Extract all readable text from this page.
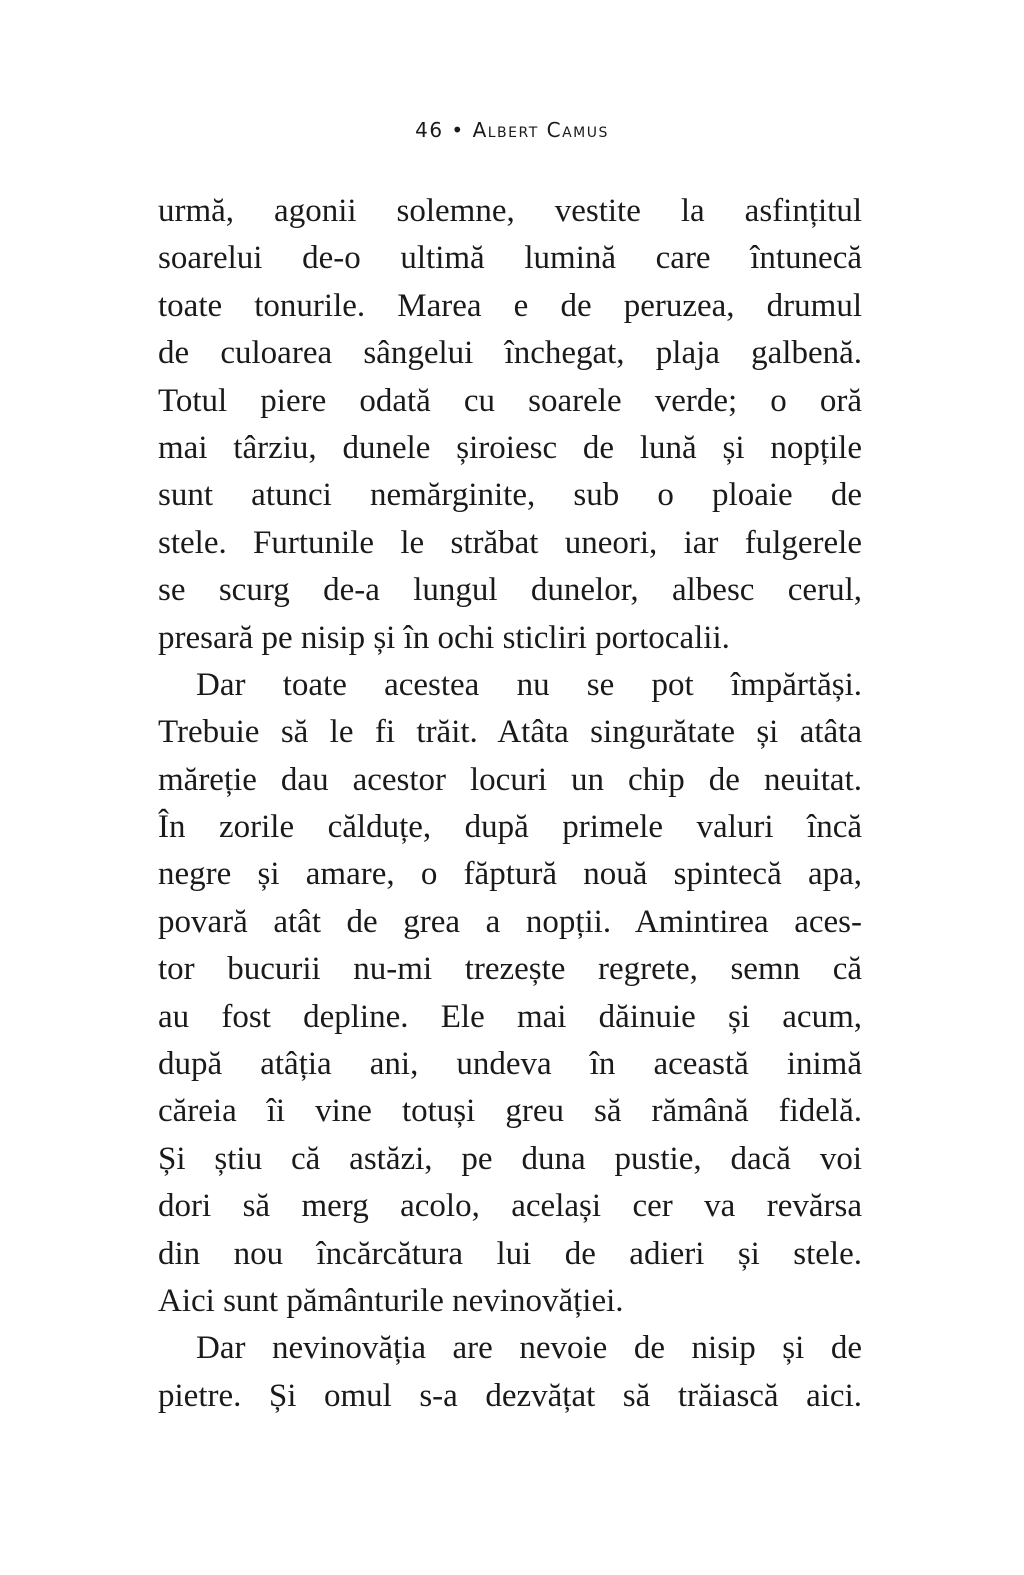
46 • Albert Camus
urmă, agonii solemne, vestite la asfințitul
soarelui de-o ultimă lumină care întunecă
toate tonurile. Marea e de peruzea, drumul
de culoarea sângelui închegat, plaja galbenă.
Totul piere odată cu soarele verde; o oră
mai târziu, dunele șiroiesc de lună și nopțile
sunt atunci nemărginite, sub o ploaie de
stele. Furtunile le străbat uneori, iar fulgerele
se scurg de-a lungul dunelor, albesc cerul,
presară pe nisip și în ochi sticliri portocalii.
Dar toate acestea nu se pot împărtăși.
Trebuie să le fi trăit. Atâta singurătate și atâta
măreție dau acestor locuri un chip de neuitat.
În zorile călduțe, după primele valuri încă
negre și amare, o făptură nouă spintecă apa,
povară atât de grea a nopții. Amintirea aces-
tor bucurii nu-mi trezește regrete, semn că
au fost depline. Ele mai dăinuie și acum,
după atâția ani, undeva în această inimă
căreia îi vine totuși greu să rămână fidelă.
Și știu că astăzi, pe duna pustie, dacă voi
dori să merg acolo, același cer va revărsa
din nou încărcătura lui de adieri și stele.
Aici sunt pământurile nevinovăției.
Dar nevinovăția are nevoie de nisip și de
pietre. Și omul s-a dezvățat să trăiască aici.
